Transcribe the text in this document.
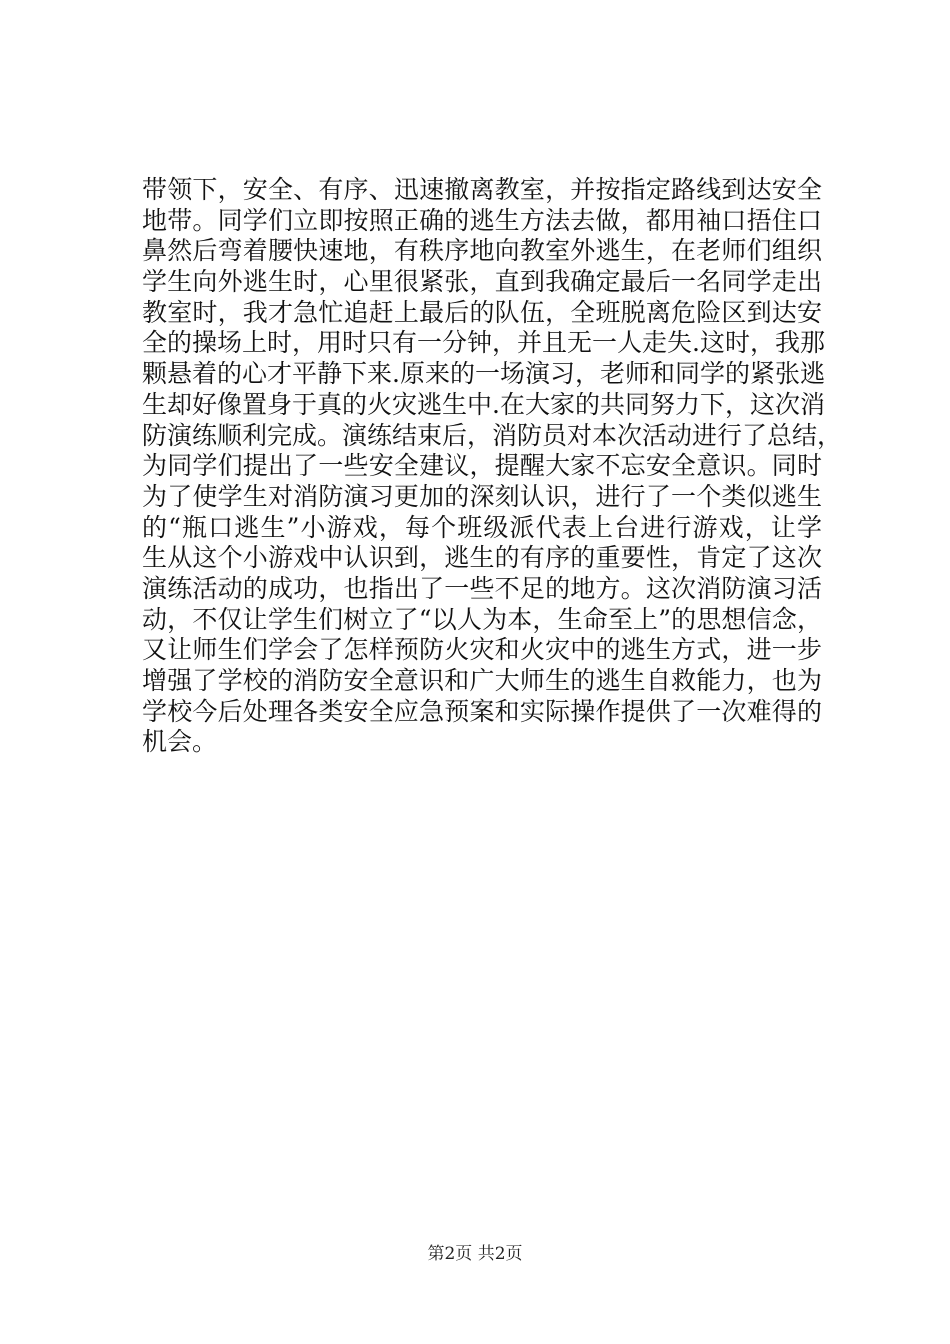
带领下，安全、有序、迅速撤离教室，并按指定路线到达安全
地带。同学们立即按照正确的逃生方法去做，都用袖口捂住口
鼻然后弯着腰快速地，有秩序地向教室外逃生，在老师们组织
学生向外逃生时，心里很紧张，直到我确定最后一名同学走出
教室时，我才急忙追赶上最后的队伍，全班脱离危险区到达安
全的操场上时，用时只有一分钟，并且无一人走失.这时，我那
颗悬着的心才平静下来.原来的一场演习，老师和同学的紧张逃
生却好像置身于真的火灾逃生中.在大家的共同努力下，这次消
防演练顺利完成。演练结束后，消防员对本次活动进行了总结，
为同学们提出了一些安全建议，提醒大家不忘安全意识。同时
为了使学生对消防演习更加的深刻认识，进行了一个类似逃生
的“瓶口逃生”小游戏，每个班级派代表上台进行游戏，让学
生从这个小游戏中认识到，逃生的有序的重要性，肯定了这次
演练活动的成功，也指出了一些不足的地方。这次消防演习活
动，不仅让学生们树立了“以人为本，生命至上”的思想信念，
又让师生们学会了怎样预防火灾和火灾中的逃生方式，进一步
增强了学校的消防安全意识和广大师生的逃生自救能力，也为
学校今后处理各类安全应急预案和实际操作提供了一次难得的
机会。
第2页 共2页
